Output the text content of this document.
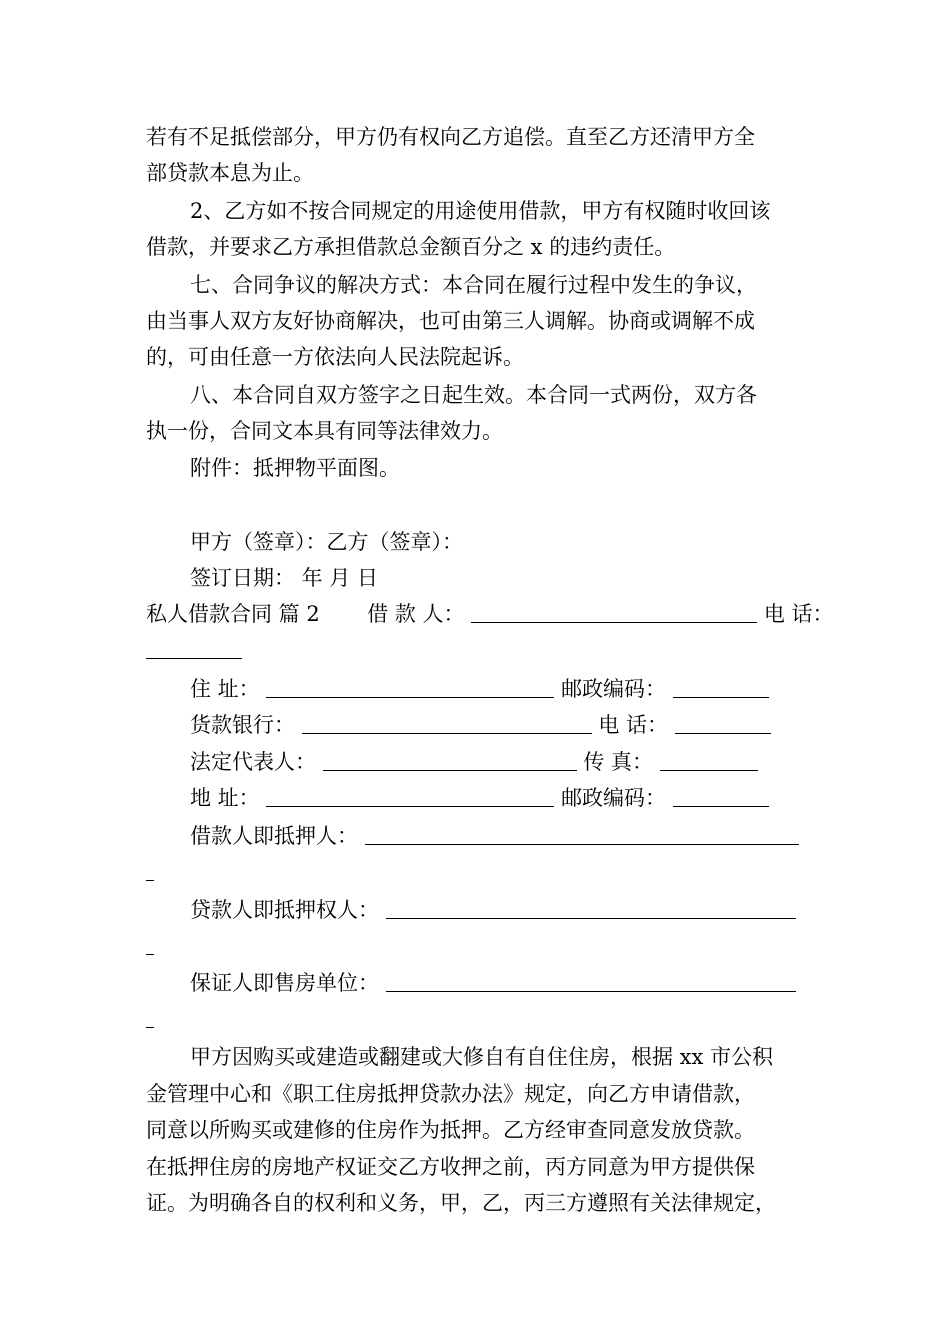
若有不足抵偿部分，甲方仍有权向乙方追偿。直至乙方还清甲方全
部贷款本息为止。
2、乙方如不按合同规定的用途使用借款，甲方有权随时收回该
借款，并要求乙方承担借款总金额百分之 x 的违约责任。
七、合同争议的解决方式：本合同在履行过程中发生的争议，
由当事人双方友好协商解决，也可由第三人调解。协商或调解不成
的，可由任意一方依法向人民法院起诉。
八、本合同自双方签字之日起生效。本合同一式两份，双方各
执一份，合同文本具有同等法律效力。
附件：抵押物平面图。
甲方（签章）：乙方（签章）：
签订日期： 年 月 日
私人借款合同 篇 2 借 款 人：	电 话：
住 址：	邮政编码：
货款银行：	电 话：
法定代表人：	传 真：
地 址：	邮政编码：
借款人即抵押人：
贷款人即抵押权人：
保证人即售房单位：
甲方因购买或建造或翻建或大修自有自住住房，根据 xx 市公积
金管理中心和《职工住房抵押贷款办法》规定，向乙方申请借款，
同意以所购买或建修的住房作为抵押。乙方经审查同意发放贷款。
在抵押住房的房地产权证交乙方收押之前，丙方同意为甲方提供保
证。为明确各自的权利和义务，甲，乙，丙三方遵照有关法律规定，
